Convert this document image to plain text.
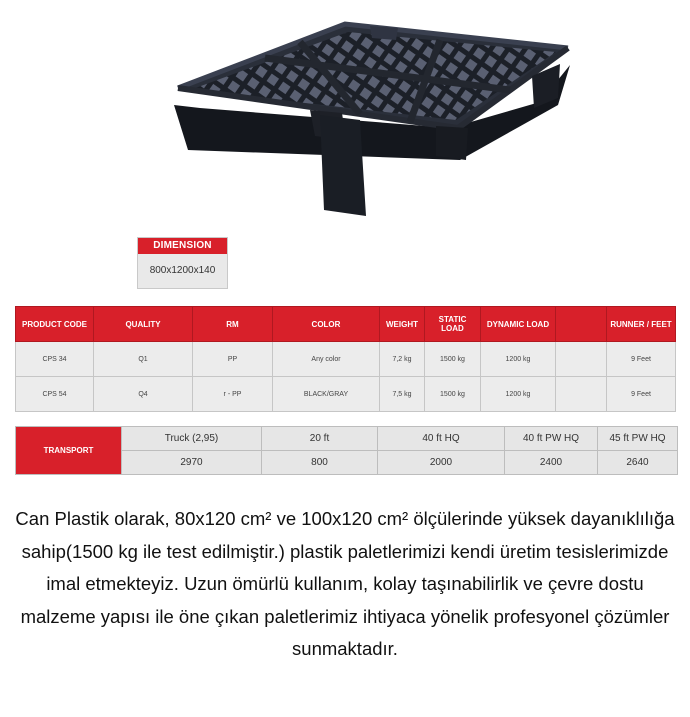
DIMENSION
800x1200x140
PRODUCT CODE	QUALITY	RM	COLOR	WEIGHT	STATIC LOAD	DYNAMIC LOAD		RUNNER / FEET
CPS 34	Q1	PP	Any color	7,2 kg	1500 kg	1200 kg		9 Feet
CPS 54	Q4	r - PP	BLACK/GRAY	7,5 kg	1500 kg	1200 kg		9 Feet
TRANSPORT	Truck (2,95)	20 ft	40 ft HQ	40 ft PW HQ	45 ft PW HQ
	2970	800	2000	2400	2640

Can Plastik olarak, 80x120 cm² ve 100x120 cm² ölçülerinde yüksek dayanıklılığa sahip(1500 kg ile test edilmiştir.) plastik paletlerimizi kendi üretim tesislerimizde imal etmekteyiz. Uzun ömürlü kullanım, kolay taşınabilirlik ve çevre dostu malzeme yapısı ile öne çıkan paletlerimiz ihtiyaca yönelik profesyonel çözümler sunmaktadır.
